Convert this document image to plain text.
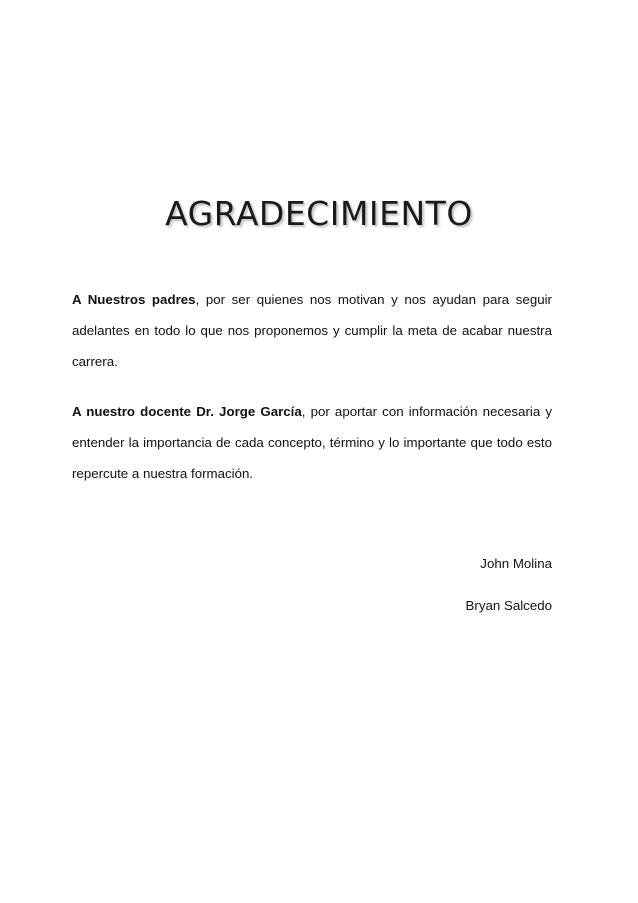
AGRADECIMIENTO

A Nuestros padres, por ser quienes nos motivan y nos ayudan para seguir adelantes en todo lo que nos proponemos y cumplir la meta de acabar nuestra carrera.

A nuestro docente Dr. Jorge García, por aportar con información necesaria y entender la importancia de cada concepto, término y lo importante que todo esto repercute a nuestra formación.

John Molina

Bryan Salcedo
